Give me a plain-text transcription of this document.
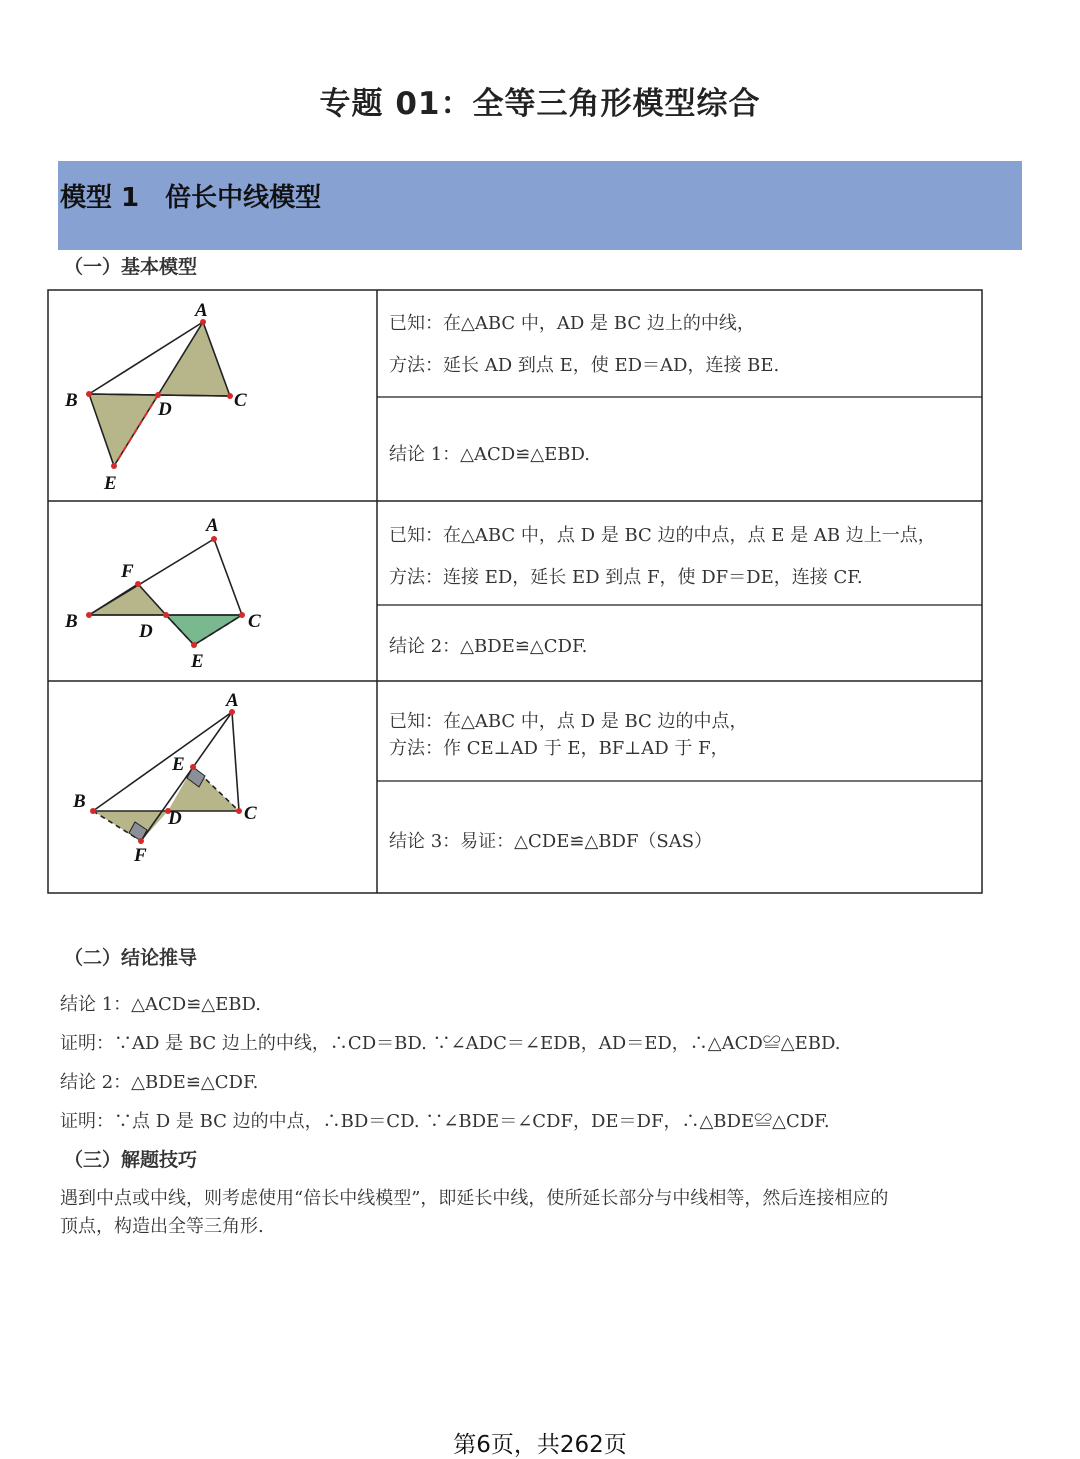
专题 01：全等三角形模型综合
模型 1　倍长中线模型
（一）基本模型
已知：在△ABC 中，AD 是 BC 边上的中线，
方法：延长 AD 到点 E，使 ED＝AD，连接 BE.
结论 1：△ACD≌△EBD.
已知：在△ABC 中，点 D 是 BC 边的中点，点 E 是 AB 边上一点，
方法：连接 ED，延长 ED 到点 F，使 DF＝DE，连接 CF.
结论 2：△BDE≌△CDF.
已知：在△ABC 中，点 D 是 BC 边的中点，
方法：作 CE⊥AD 于 E，BF⊥AD 于 F，
结论 3：易证：△CDE≌△BDF（SAS）
A
B	C
D
E
A
F
B	C
D
E
A
E
B
C
D
F
（二）结论推导
结论 1：△ACD≌△EBD.
证明：∵AD 是 BC 边上的中线，∴CD＝BD. ∵∠ADC＝∠EDB，AD＝ED，∴△ACD≌△EBD.
结论 2：△BDE≌△CDF.
证明：∵点 D 是 BC 边的中点，∴BD＝CD. ∵∠BDE＝∠CDF，DE＝DF，∴△BDE≌△CDF.
（三）解题技巧
遇到中点或中线，则考虑使用“倍长中线模型”，即延长中线，使所延长部分与中线相等，然后连接相应的
顶点，构造出全等三角形.
第6页，共262页
